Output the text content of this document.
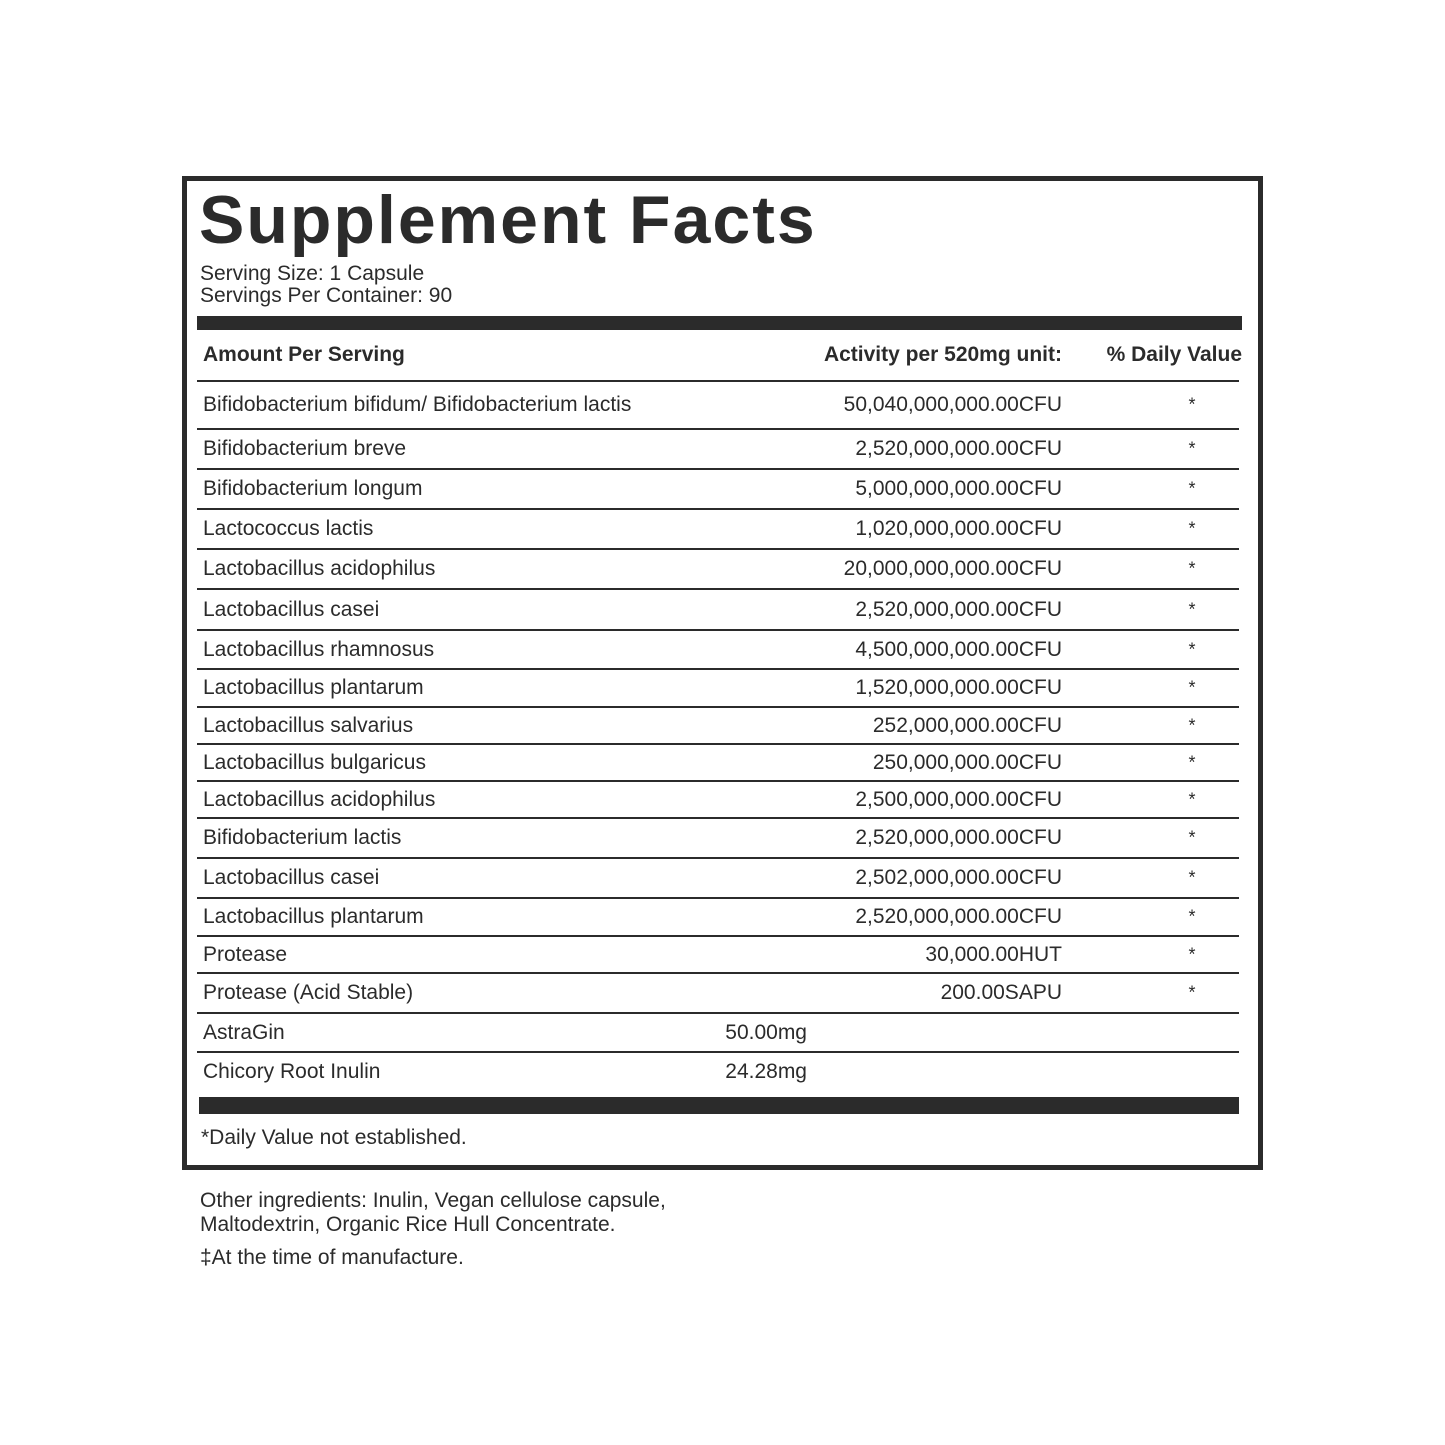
Supplement Facts
Serving Size: 1 Capsule
Servings Per Container: 90
Amount Per Serving	Activity per 520mg unit: % Daily Value
Bifidobacterium bifidum/ Bifidobacterium lactis	50,040,000,000.00CFU	*
Bifidobacterium breve	2,520,000,000.00CFU	*
Bifidobacterium longum	5,000,000,000.00CFU	*
Lactococcus lactis	1,020,000,000.00CFU	*
Lactobacillus acidophilus	20,000,000,000.00CFU	*
Lactobacillus casei	2,520,000,000.00CFU	*
Lactobacillus rhamnosus	4,500,000,000.00CFU	*
Lactobacillus plantarum	1,520,000,000.00CFU	*
Lactobacillus salvarius	252,000,000.00CFU	*
Lactobacillus bulgaricus	250,000,000.00CFU	*
Lactobacillus acidophilus	2,500,000,000.00CFU	*
Bifidobacterium lactis	2,520,000,000.00CFU	*
Lactobacillus casei	2,502,000,000.00CFU	*
Lactobacillus plantarum	2,520,000,000.00CFU	*
Protease	30,000.00HUT	*
Protease (Acid Stable)	200.00SAPU	*
AstraGin	50.00mg
Chicory Root Inulin	24.28mg
*Daily Value not established.
Other ingredients: Inulin, Vegan cellulose capsule,
Maltodextrin, Organic Rice Hull Concentrate.
‡At the time of manufacture.
